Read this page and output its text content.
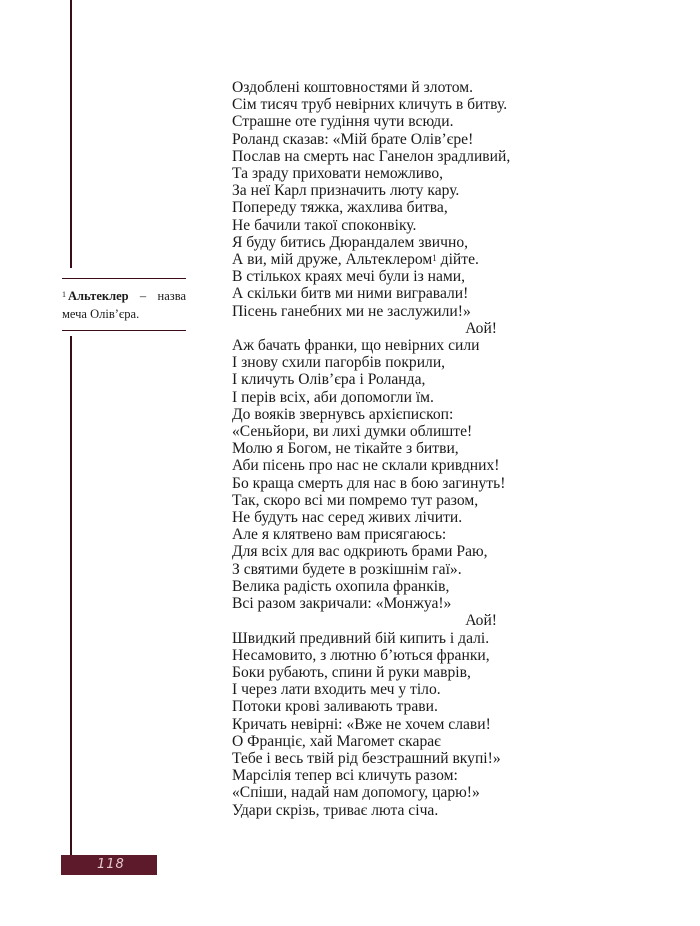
$^1$ Альтеклер – назва меча Олів’єра.
Оздоблені коштовностями й злотом.
Сім тисяч труб невірних кличуть в битву.
Страшне оте гудіння чути всюди.
Роланд сказав: «Мій брате Олів’єре!
Послав на смерть нас Ганелон зрадливий,
Та зраду приховати неможливо,
За неї Карл призначить люту кару.
Попереду тяжка, жахлива битва,
Не бачили такої споконвіку.
Я буду битись Дюрандалем звично,
А ви, мій друже, Альтеклером$^1$ дійте.
В стількох краях мечі були із нами,
А скільки битв ми ними вигравали!
Пісень ганебних ми не заслужили!»
Аой!
Аж бачать франки, що невірних сили
І знову схили пагорбів покрили,
І кличуть Олів’єра і Роланда,
І перів всіх, аби допомогли їм.
До вояків звернувсь архієпископ:
«Сеньйори, ви лихі думки облиште!
Молю я Богом, не тікайте з битви,
Аби пісень про нас не склали кривдних!
Бо краща смерть для нас в бою загинуть!
Так, скоро всі ми помремо тут разом,
Не будуть нас серед живих лічити.
Але я клятвено вам присягаюсь:
Для всіх для вас одкриють брами Раю,
З святими будете в розкішнім гаї».
Велика радість охопила франків,
Всі разом закричали: «Монжуа!»
Аой!
Швидкий предивний бій кипить і далі.
Несамовито, з лютню б’ються франки,
Боки рубають, спини й руки маврів,
І через лати входить меч у тіло.
Потоки крові заливають трави.
Кричать невірні: «Вже не хочем слави!
О Франціє, хай Магомет скарає
Тебе і весь твій рід безстрашний вкупі!»
Марсілія тепер всі кличуть разом:
«Спіши, надай нам допомогу, царю!»
Удари скрізь, триває люта січа.
118
